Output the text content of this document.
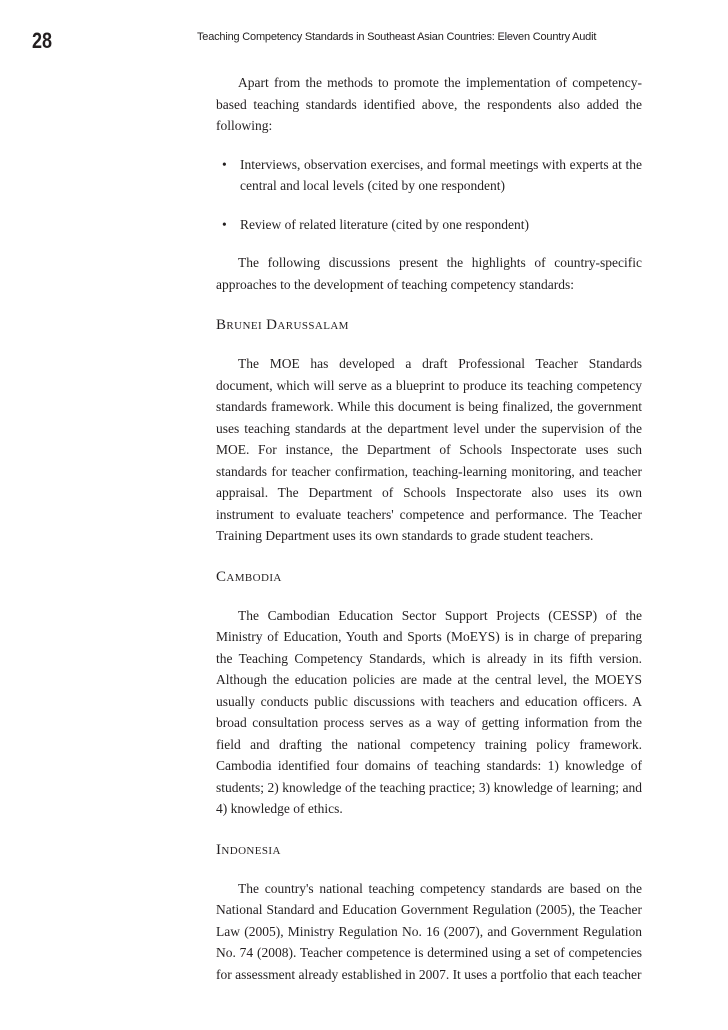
28	Teaching Competency Standards in Southeast Asian Countries: Eleven Country Audit

Apart from the methods to promote the implementation of competency-based teaching standards identified above, the respondents also added the following:

• Interviews, observation exercises, and formal meetings with experts at the central and local levels (cited by one respondent)
• Review of related literature (cited by one respondent)

The following discussions present the highlights of country-specific approaches to the development of teaching competency standards:

Brunei Darussalam

The MOE has developed a draft Professional Teacher Standards document, which will serve as a blueprint to produce its teaching competency standards framework. While this document is being finalized, the government uses teaching standards at the department level under the supervision of the MOE. For instance, the Department of Schools Inspectorate uses such standards for teacher confirmation, teaching-learning monitoring, and teacher appraisal. The Department of Schools Inspectorate also uses its own instrument to evaluate teachers' competence and performance. The Teacher Training Department uses its own standards to grade student teachers.

Cambodia

The Cambodian Education Sector Support Projects (CESSP) of the Ministry of Education, Youth and Sports (MoEYS) is in charge of preparing the Teaching Competency Standards, which is already in its fifth version. Although the education policies are made at the central level, the MOEYS usually conducts public discussions with teachers and education officers. A broad consultation process serves as a way of getting information from the field and drafting the national competency training policy framework. Cambodia identified four domains of teaching standards: 1) knowledge of students; 2) knowledge of the teaching practice; 3) knowledge of learning; and 4) knowledge of ethics.

Indonesia

The country's national teaching competency standards are based on the National Standard and Education Government Regulation (2005), the Teacher Law (2005), Ministry Regulation No. 16 (2007), and Government Regulation No. 74 (2008). Teacher competence is determined using a set of competencies for assessment already established in 2007. It uses a portfolio that each teacher
